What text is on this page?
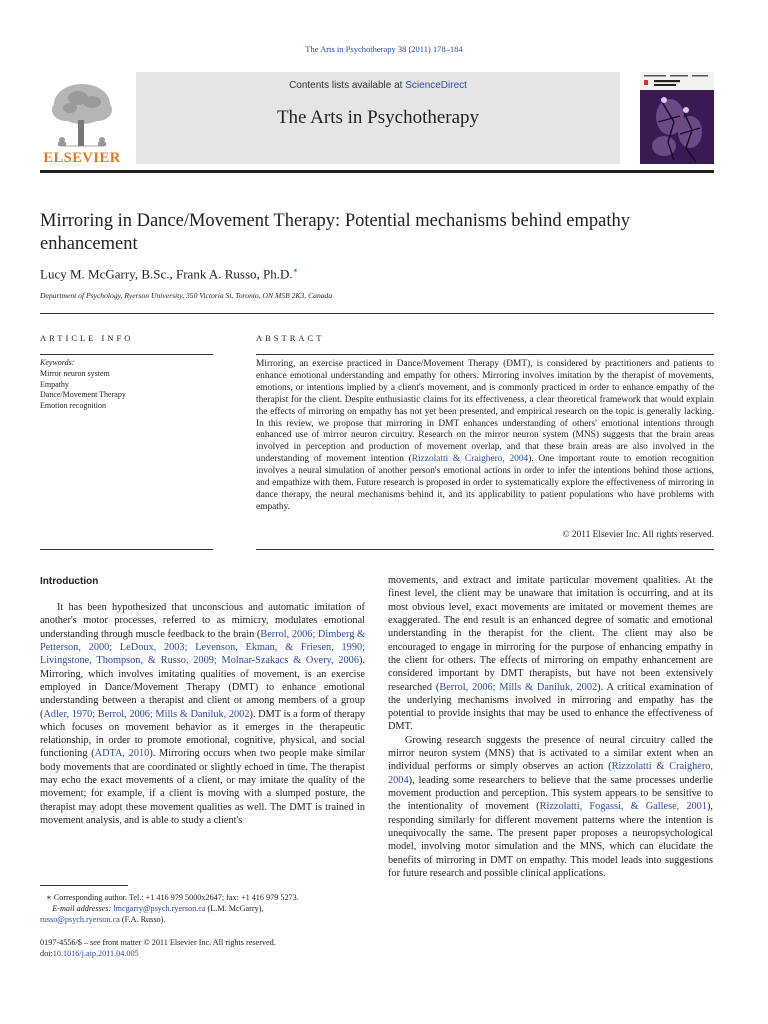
The Arts in Psychotherapy 38 (2011) 178–184
ELSEVIER
Contents lists available at ScienceDirect
The Arts in Psychotherapy
Mirroring in Dance/Movement Therapy: Potential mechanisms behind empathy enhancement
Lucy M. McGarry, B.Sc., Frank A. Russo, Ph.D.∗
Department of Psychology, Ryerson University, 350 Victoria St, Toronto, ON M5B 2K3, Canada
ARTICLE INFO	ABSTRACT
Keywords:
Mirror neuron system
Empathy
Dance/Movement Therapy
Emotion recognition
Mirroring, an exercise practiced in Dance/Movement Therapy (DMT), is considered by practitioners and patients to enhance emotional understanding and empathy for others. Mirroring involves imitation by the therapist of movements, emotions, or intentions implied by a client's movement, and is commonly practiced in order to enhance empathy of the therapist for the client. Despite enthusiastic claims for its effectiveness, a clear theoretical framework that would explain the effects of mirroring on empathy has not yet been presented, and empirical research on the topic is generally lacking. In this review, we propose that mirroring in DMT enhances understanding of others' emotional intentions through enhanced use of mirror neuron circuitry. Research on the mirror neuron system (MNS) suggests that the brain areas involved in perception and production of movement overlap, and that these brain areas are also involved in the understanding of movement intention (Rizzolatti & Craighero, 2004). One important route to emotion recognition involves a neural simulation of another person's emotional actions in order to infer the intentions behind those actions, and empathize with them. Future research is proposed in order to systematically explore the effectiveness of mirroring in dance therapy, the neural mechanisms behind it, and its applicability to patient populations who have problems with empathy.
© 2011 Elsevier Inc. All rights reserved.
Introduction

It has been hypothesized that unconscious and automatic imitation of another's motor processes, referred to as mimicry, modulates emotional understanding through muscle feedback to the brain (Berrol, 2006; Dimberg & Petterson, 2000; LeDoux, 2003; Levenson, Ekman, & Friesen, 1990; Livingstone, Thompson, & Russo, 2009; Molnar-Szakacs & Overy, 2006). Mirroring, which involves imitating qualities of movement, is an exercise employed in Dance/Movement Therapy (DMT) to enhance emotional understanding between a therapist and client or among members of a group (Adler, 1970; Berrol, 2006; Mills & Daniluk, 2002). DMT is a form of therapy which focuses on movement behavior as it emerges in the therapeutic relationship, in order to promote emotional, cognitive, physical, and social functioning (ADTA, 2010). Mirroring occurs when two people make similar body movements that are coordinated or slightly echoed in time. The therapist may echo the exact movements of a client, or may imitate the quality of the movement; for example, if a client is moving with a slumped posture, the therapist may adopt these movement qualities as well. The DMT is trained in movement analysis, and is able to study a client's

movements, and extract and imitate particular movement qualities. At the finest level, the client may be unaware that imitation is occurring, and at its most obvious level, exact movements are imitated or movement themes are exaggerated. The end result is an enhanced degree of somatic and emotional understanding in the therapist for the client. The client may also be encouraged to engage in mirroring for the purpose of enhancing empathy in the client for others. The effects of mirroring on empathy enhancement are considered important by DMT therapists, but have not been extensively researched (Berrol, 2006; Mills & Daniluk, 2002). A critical examination of the underlying mechanisms involved in mirroring and empathy has the potential to provide insights that may be used to enhance the effectiveness of DMT.

Growing research suggests the presence of neural circuitry called the mirror neuron system (MNS) that is activated to a similar extent when an individual performs or simply observes an action (Rizzolatti & Craighero, 2004), leading some researchers to believe that the same processes underlie movement production and perception. This system appears to be sensitive to the intentionality of movement (Rizzolatti, Fogassi, & Gallese, 2001), responding similarly for different movement patterns where the intention is unequivocally the same. The present paper proposes a neuropsychological model, involving motor simulation and the MNS, which can elucidate the benefits of mirroring in DMT on empathy. This model leads into suggestions for future research and possible clinical applications.

∗ Corresponding author. Tel.: +1 416 979 5000x2647; fax: +1 416 979 5273.
E-mail addresses: lmcgarry@psych.ryerson.ca (L.M. McGarry),
russo@psych.ryerson.ca (F.A. Russo).
0197-4556/$ – see front matter © 2011 Elsevier Inc. All rights reserved.
doi:10.1016/j.aip.2011.04.005
